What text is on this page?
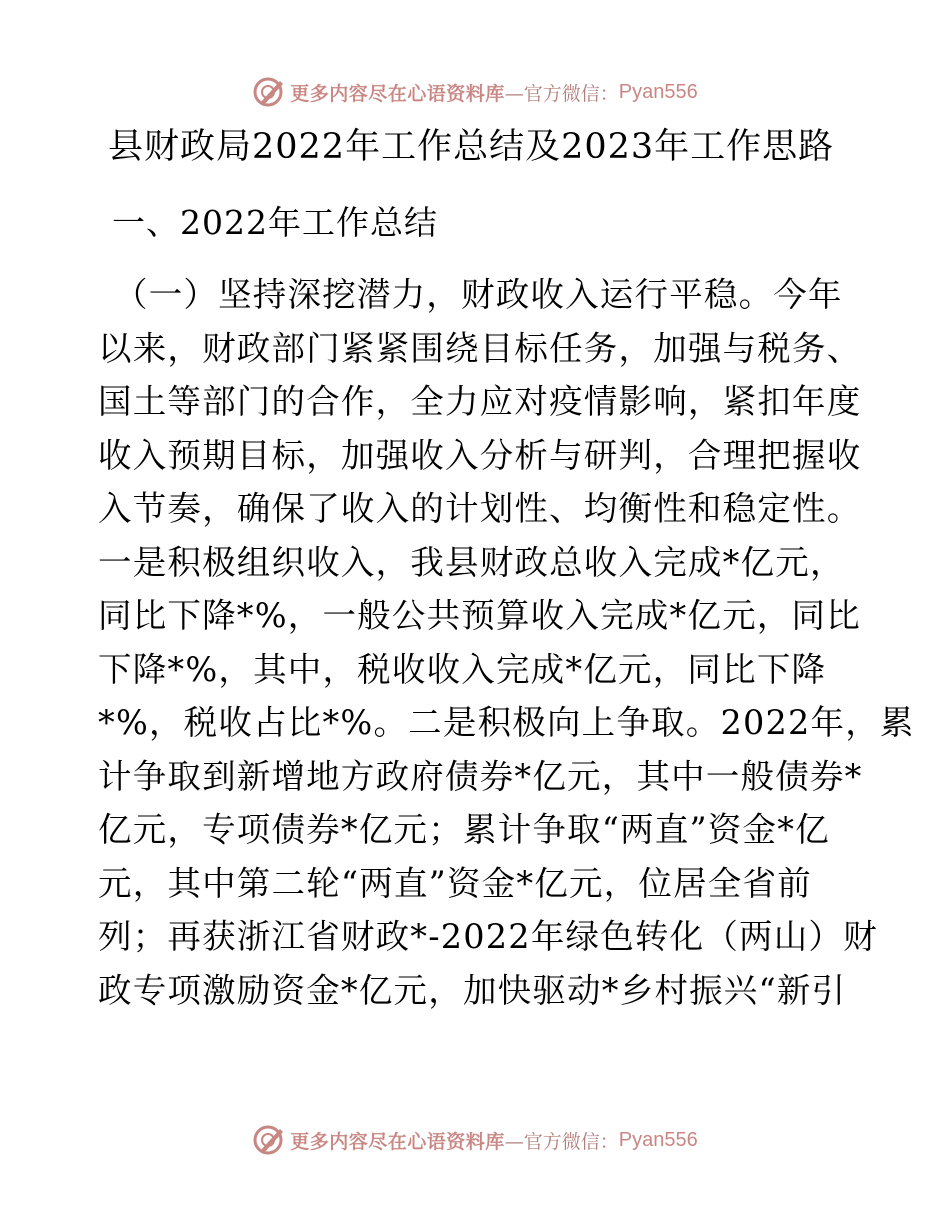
更多内容尽在心语资料库 —官方微信： Pyan556
县财政局2022年工作总结及2023年工作思路
一、2022年工作总结
（一）坚持深挖潜力，财政收入运行平稳。今年
以来，财政部门紧紧围绕目标任务，加强与税务、
国土等部门的合作，全力应对疫情影响，紧扣年度
收入预期目标，加强收入分析与研判，合理把握收
入节奏，确保了收入的计划性、均衡性和稳定性。
一是积极组织收入，我县财政总收入完成*亿元，
同比下降*%，一般公共预算收入完成*亿元，同比
下降*%，其中，税收收入完成*亿元，同比下降
*%，税收占比*%。二是积极向上争取。2022年，累
计争取到新增地方政府债券*亿元，其中一般债券*
亿元，专项债券*亿元；累计争取“两直”资金*亿
元，其中第二轮“两直”资金*亿元，位居全省前
列；再获浙江省财政*-2022年绿色转化（两山）财
政专项激励资金*亿元，加快驱动*乡村振兴“新引
更多内容尽在心语资料库 —官方微信： Pyan556
